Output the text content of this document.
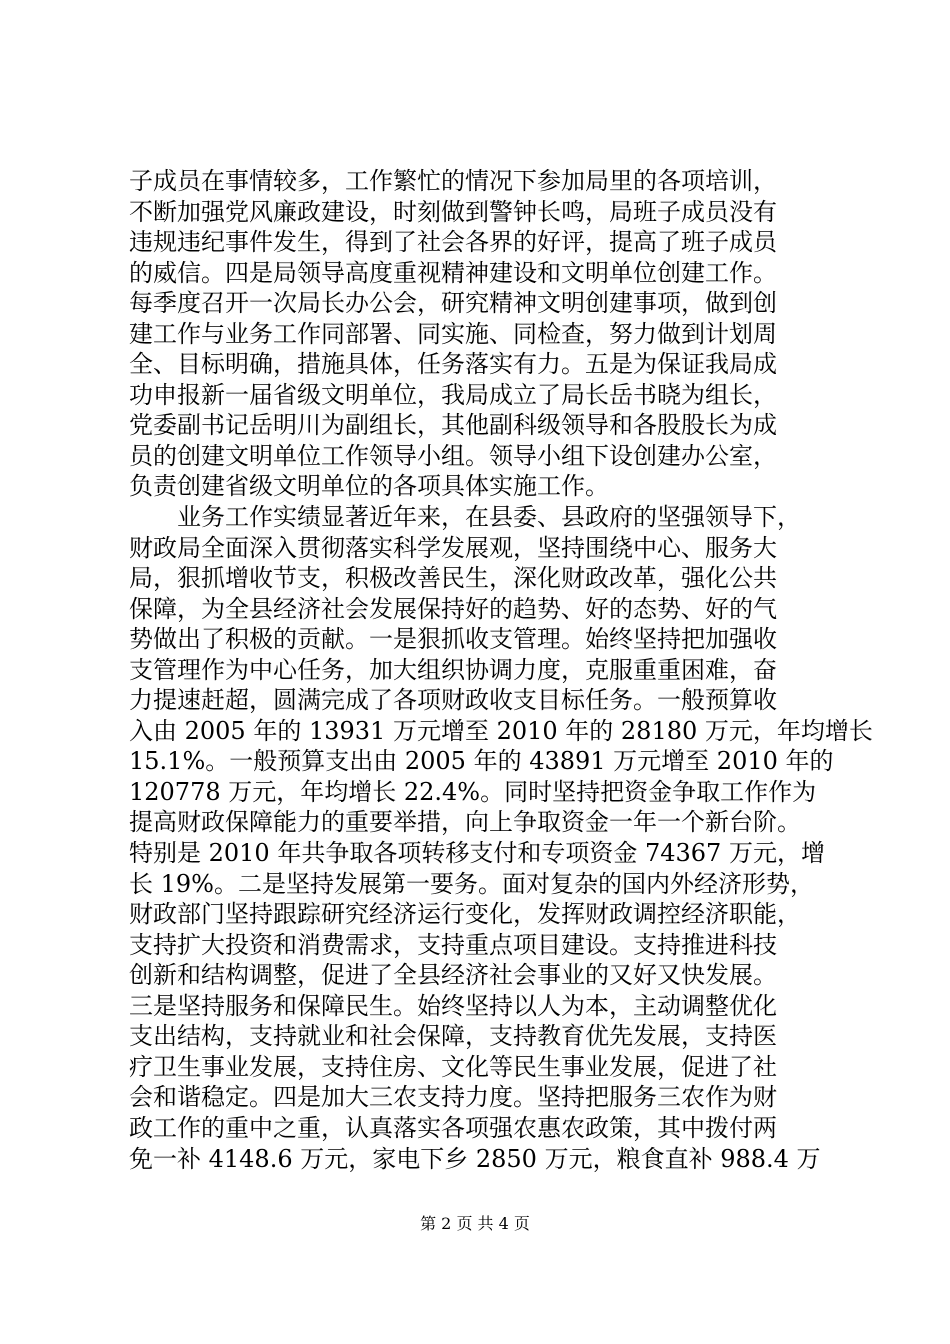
子成员在事情较多，工作繁忙的情况下参加局里的各项培训，
不断加强党风廉政建设，时刻做到警钟长鸣，局班子成员没有
违规违纪事件发生，得到了社会各界的好评，提高了班子成员
的威信。四是局领导高度重视精神建设和文明单位创建工作。
每季度召开一次局长办公会，研究精神文明创建事项，做到创
建工作与业务工作同部署、同实施、同检查，努力做到计划周
全、目标明确，措施具体，任务落实有力。五是为保证我局成
功申报新一届省级文明单位，我局成立了局长岳书晓为组长，
党委副书记岳明川为副组长，其他副科级领导和各股股长为成
员的创建文明单位工作领导小组。领导小组下设创建办公室，
负责创建省级文明单位的各项具体实施工作。
业务工作实绩显著近年来，在县委、县政府的坚强领导下，
财政局全面深入贯彻落实科学发展观，坚持围绕中心、服务大
局，狠抓增收节支，积极改善民生，深化财政改革，强化公共
保障，为全县经济社会发展保持好的趋势、好的态势、好的气
势做出了积极的贡献。一是狠抓收支管理。始终坚持把加强收
支管理作为中心任务，加大组织协调力度，克服重重困难，奋
力提速赶超，圆满完成了各项财政收支目标任务。一般预算收
入由 2005 年的 13931 万元增至 2010 年的 28180 万元，年均增长
15.1%。一般预算支出由 2005 年的 43891 万元增至 2010 年的
120778 万元，年均增长 22.4%。同时坚持把资金争取工作作为
提高财政保障能力的重要举措，向上争取资金一年一个新台阶。
特别是 2010 年共争取各项转移支付和专项资金 74367 万元，增
长 19%。二是坚持发展第一要务。面对复杂的国内外经济形势，
财政部门坚持跟踪研究经济运行变化，发挥财政调控经济职能，
支持扩大投资和消费需求，支持重点项目建设。支持推进科技
创新和结构调整，促进了全县经济社会事业的又好又快发展。
三是坚持服务和保障民生。始终坚持以人为本，主动调整优化
支出结构，支持就业和社会保障，支持教育优先发展，支持医
疗卫生事业发展，支持住房、文化等民生事业发展，促进了社
会和谐稳定。四是加大三农支持力度。坚持把服务三农作为财
政工作的重中之重，认真落实各项强农惠农政策，其中拨付两
免一补 4148.6 万元，家电下乡 2850 万元，粮食直补 988.4 万
第 2 页 共 4 页
